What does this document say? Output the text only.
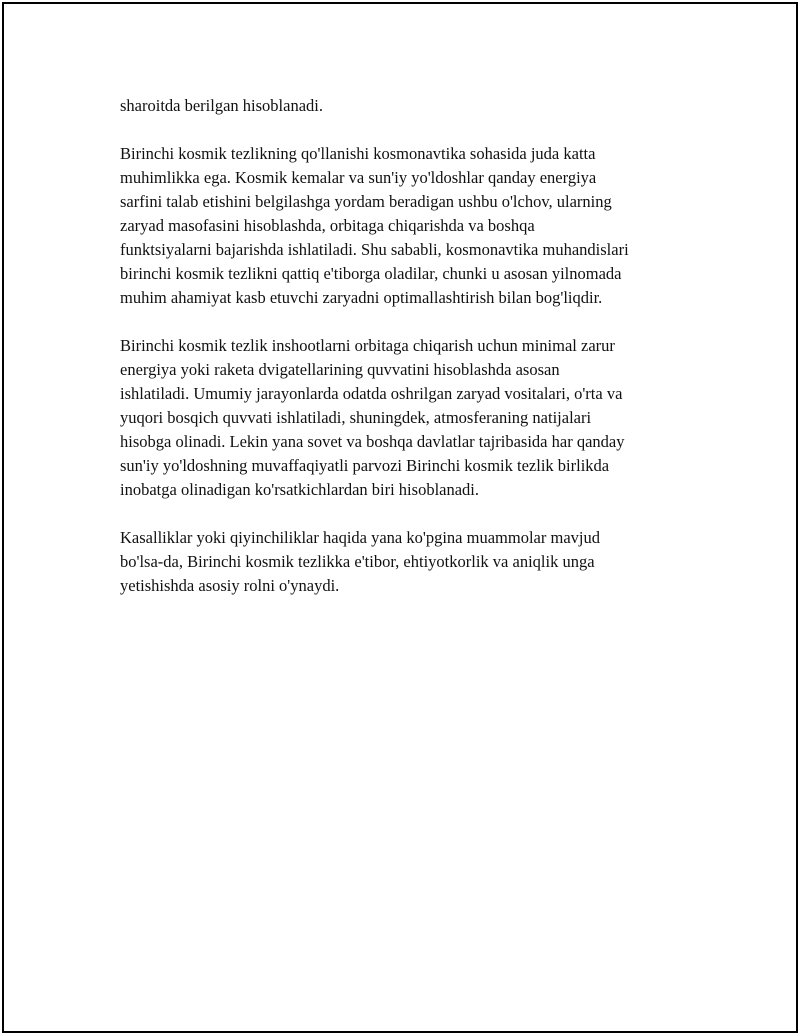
sharoitda berilgan hisoblanadi.

Birinchi kosmik tezlikning qo'llanishi kosmonavtika sohasida juda katta
muhimlikka ega. Kosmik kemalar va sun'iy yo'ldoshlar qanday energiya
sarfini talab etishini belgilashga yordam beradigan ushbu o'lchov, ularning
zaryad masofasini hisoblashda, orbitaga chiqarishda va boshqa
funktsiyalarni bajarishda ishlatiladi. Shu sababli, kosmonavtika muhandislari
birinchi kosmik tezlikni qattiq e'tiborga oladilar, chunki u asosan yilnomada
muhim ahamiyat kasb etuvchi zaryadni optimallashtirish bilan bog'liqdir.

Birinchi kosmik tezlik inshootlarni orbitaga chiqarish uchun minimal zarur
energiya yoki raketa dvigatellarining quvvatini hisoblashda asosan
ishlatiladi. Umumiy jarayonlarda odatda oshrilgan zaryad vositalari, o'rta va
yuqori bosqich quvvati ishlatiladi, shuningdek, atmosferaning natijalari
hisobga olinadi. Lekin yana sovet va boshqa davlatlar tajribasida har qanday
sun'iy yo'ldoshning muvaffaqiyatli parvozi Birinchi kosmik tezlik birlikda
inobatga olinadigan ko'rsatkichlardan biri hisoblanadi.

Kasalliklar yoki qiyinchiliklar haqida yana ko'pgina muammolar mavjud
bo'lsa-da, Birinchi kosmik tezlikka e'tibor, ehtiyotkorlik va aniqlik unga
yetishishda asosiy rolni o'ynaydi.
